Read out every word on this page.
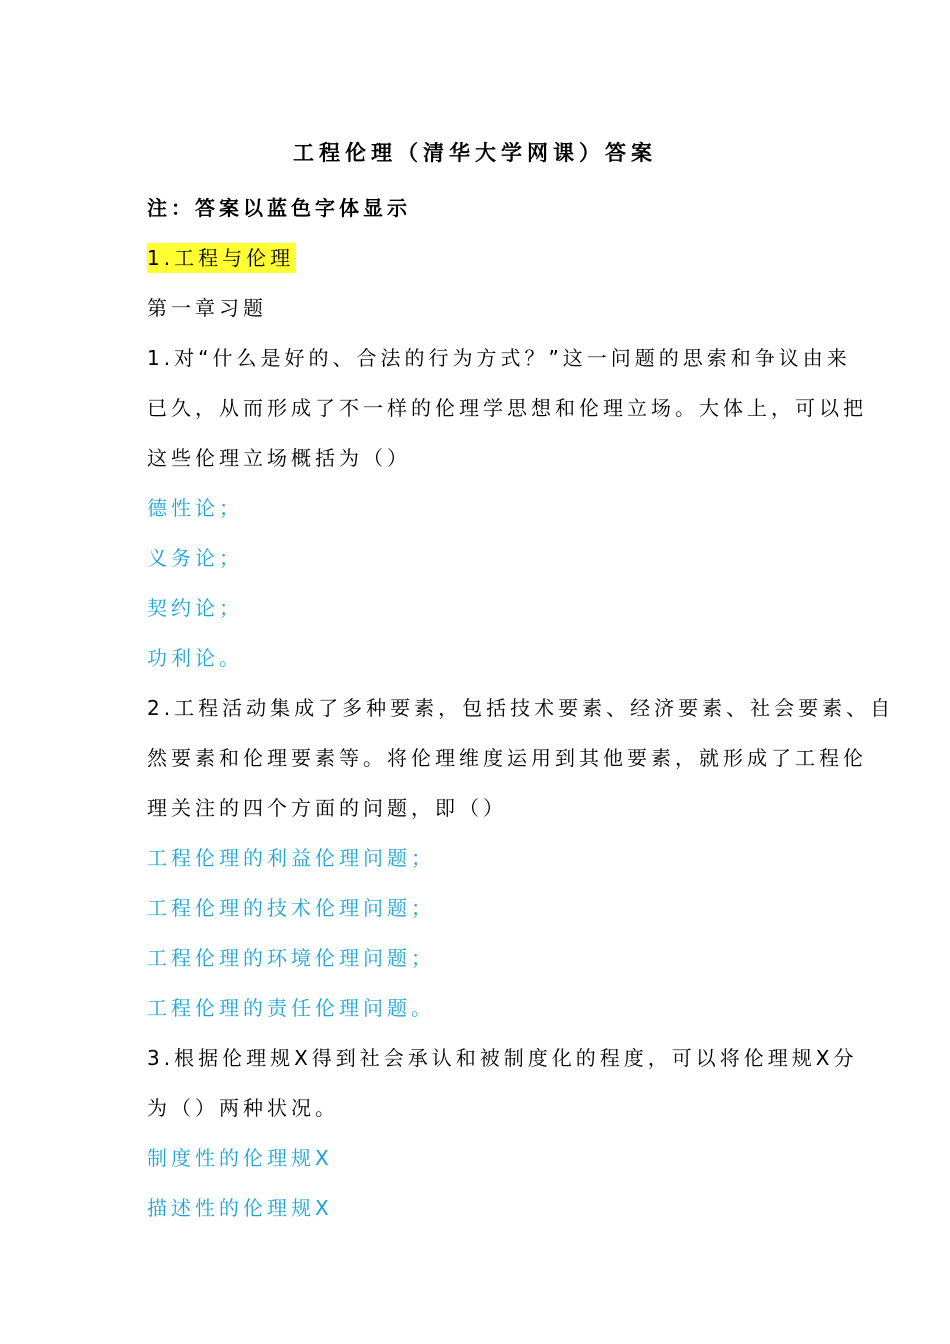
工程伦理（清华大学网课）答案
注：答案以蓝色字体显示
1.工程与伦理
第一章习题
1.对“什么是好的、合法的行为方式？”这一问题的思索和争议由来
已久，从而形成了不一样的伦理学思想和伦理立场。大体上，可以把
这些伦理立场概括为（）
德性论；
义务论；
契约论；
功利论。
2.工程活动集成了多种要素，包括技术要素、经济要素、社会要素、自
然要素和伦理要素等。将伦理维度运用到其他要素，就形成了工程伦
理关注的四个方面的问题，即（）
工程伦理的利益伦理问题；
工程伦理的技术伦理问题；
工程伦理的环境伦理问题；
工程伦理的责任伦理问题。
3.根据伦理规X得到社会承认和被制度化的程度，可以将伦理规X分
为（）两种状况。
制度性的伦理规X
描述性的伦理规X
